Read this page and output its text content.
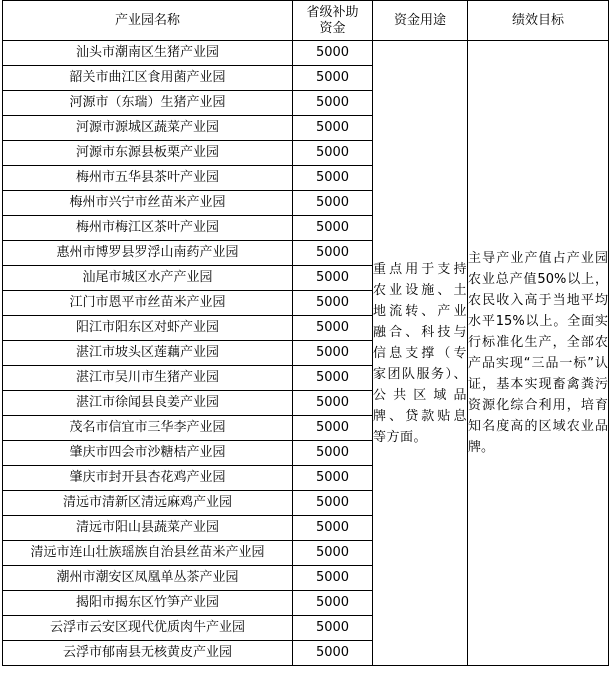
产业园名称	省级补助资金	资金用途	绩效目标
汕头市潮南区生猪产业园	5000	重点用于支持农业设施、土地流转、产业融合、科技与信息支撑（专家团队服务）、公共区域品牌、贷款贴息等方面。	主导产业产值占产业园农业总产值50%以上，农民收入高于当地平均水平15%以上。全面实行标准化生产，全部农产品实现“三品一标”认证，基本实现畜禽粪污资源化综合利用，培育知名度高的区域农业品牌。
韶关市曲江区食用菌产业园	5000		
河源市（东瑞）生猪产业园	5000		
河源市源城区蔬菜产业园	5000		
河源市东源县板栗产业园	5000		
梅州市五华县茶叶产业园	5000		
梅州市兴宁市丝苗米产业园	5000		
梅州市梅江区茶叶产业园	5000		
惠州市博罗县罗浮山南药产业园	5000		
汕尾市城区水产产业园	5000		
江门市恩平市丝苗米产业园	5000		
阳江市阳东区对虾产业园	5000		
湛江市坡头区莲藕产业园	5000		
湛江市吴川市生猪产业园	5000		
湛江市徐闻县良姜产业园	5000		
茂名市信宜市三华李产业园	5000		
肇庆市四会市沙糖桔产业园	5000		
肇庆市封开县杏花鸡产业园	5000		
清远市清新区清远麻鸡产业园	5000		
清远市阳山县蔬菜产业园	5000		
清远市连山壮族瑶族自治县丝苗米产业园	5000		
潮州市潮安区凤凰单丛茶产业园	5000		
揭阳市揭东区竹笋产业园	5000		
云浮市云安区现代优质肉牛产业园	5000		
云浮市郁南县无核黄皮产业园	5000		
